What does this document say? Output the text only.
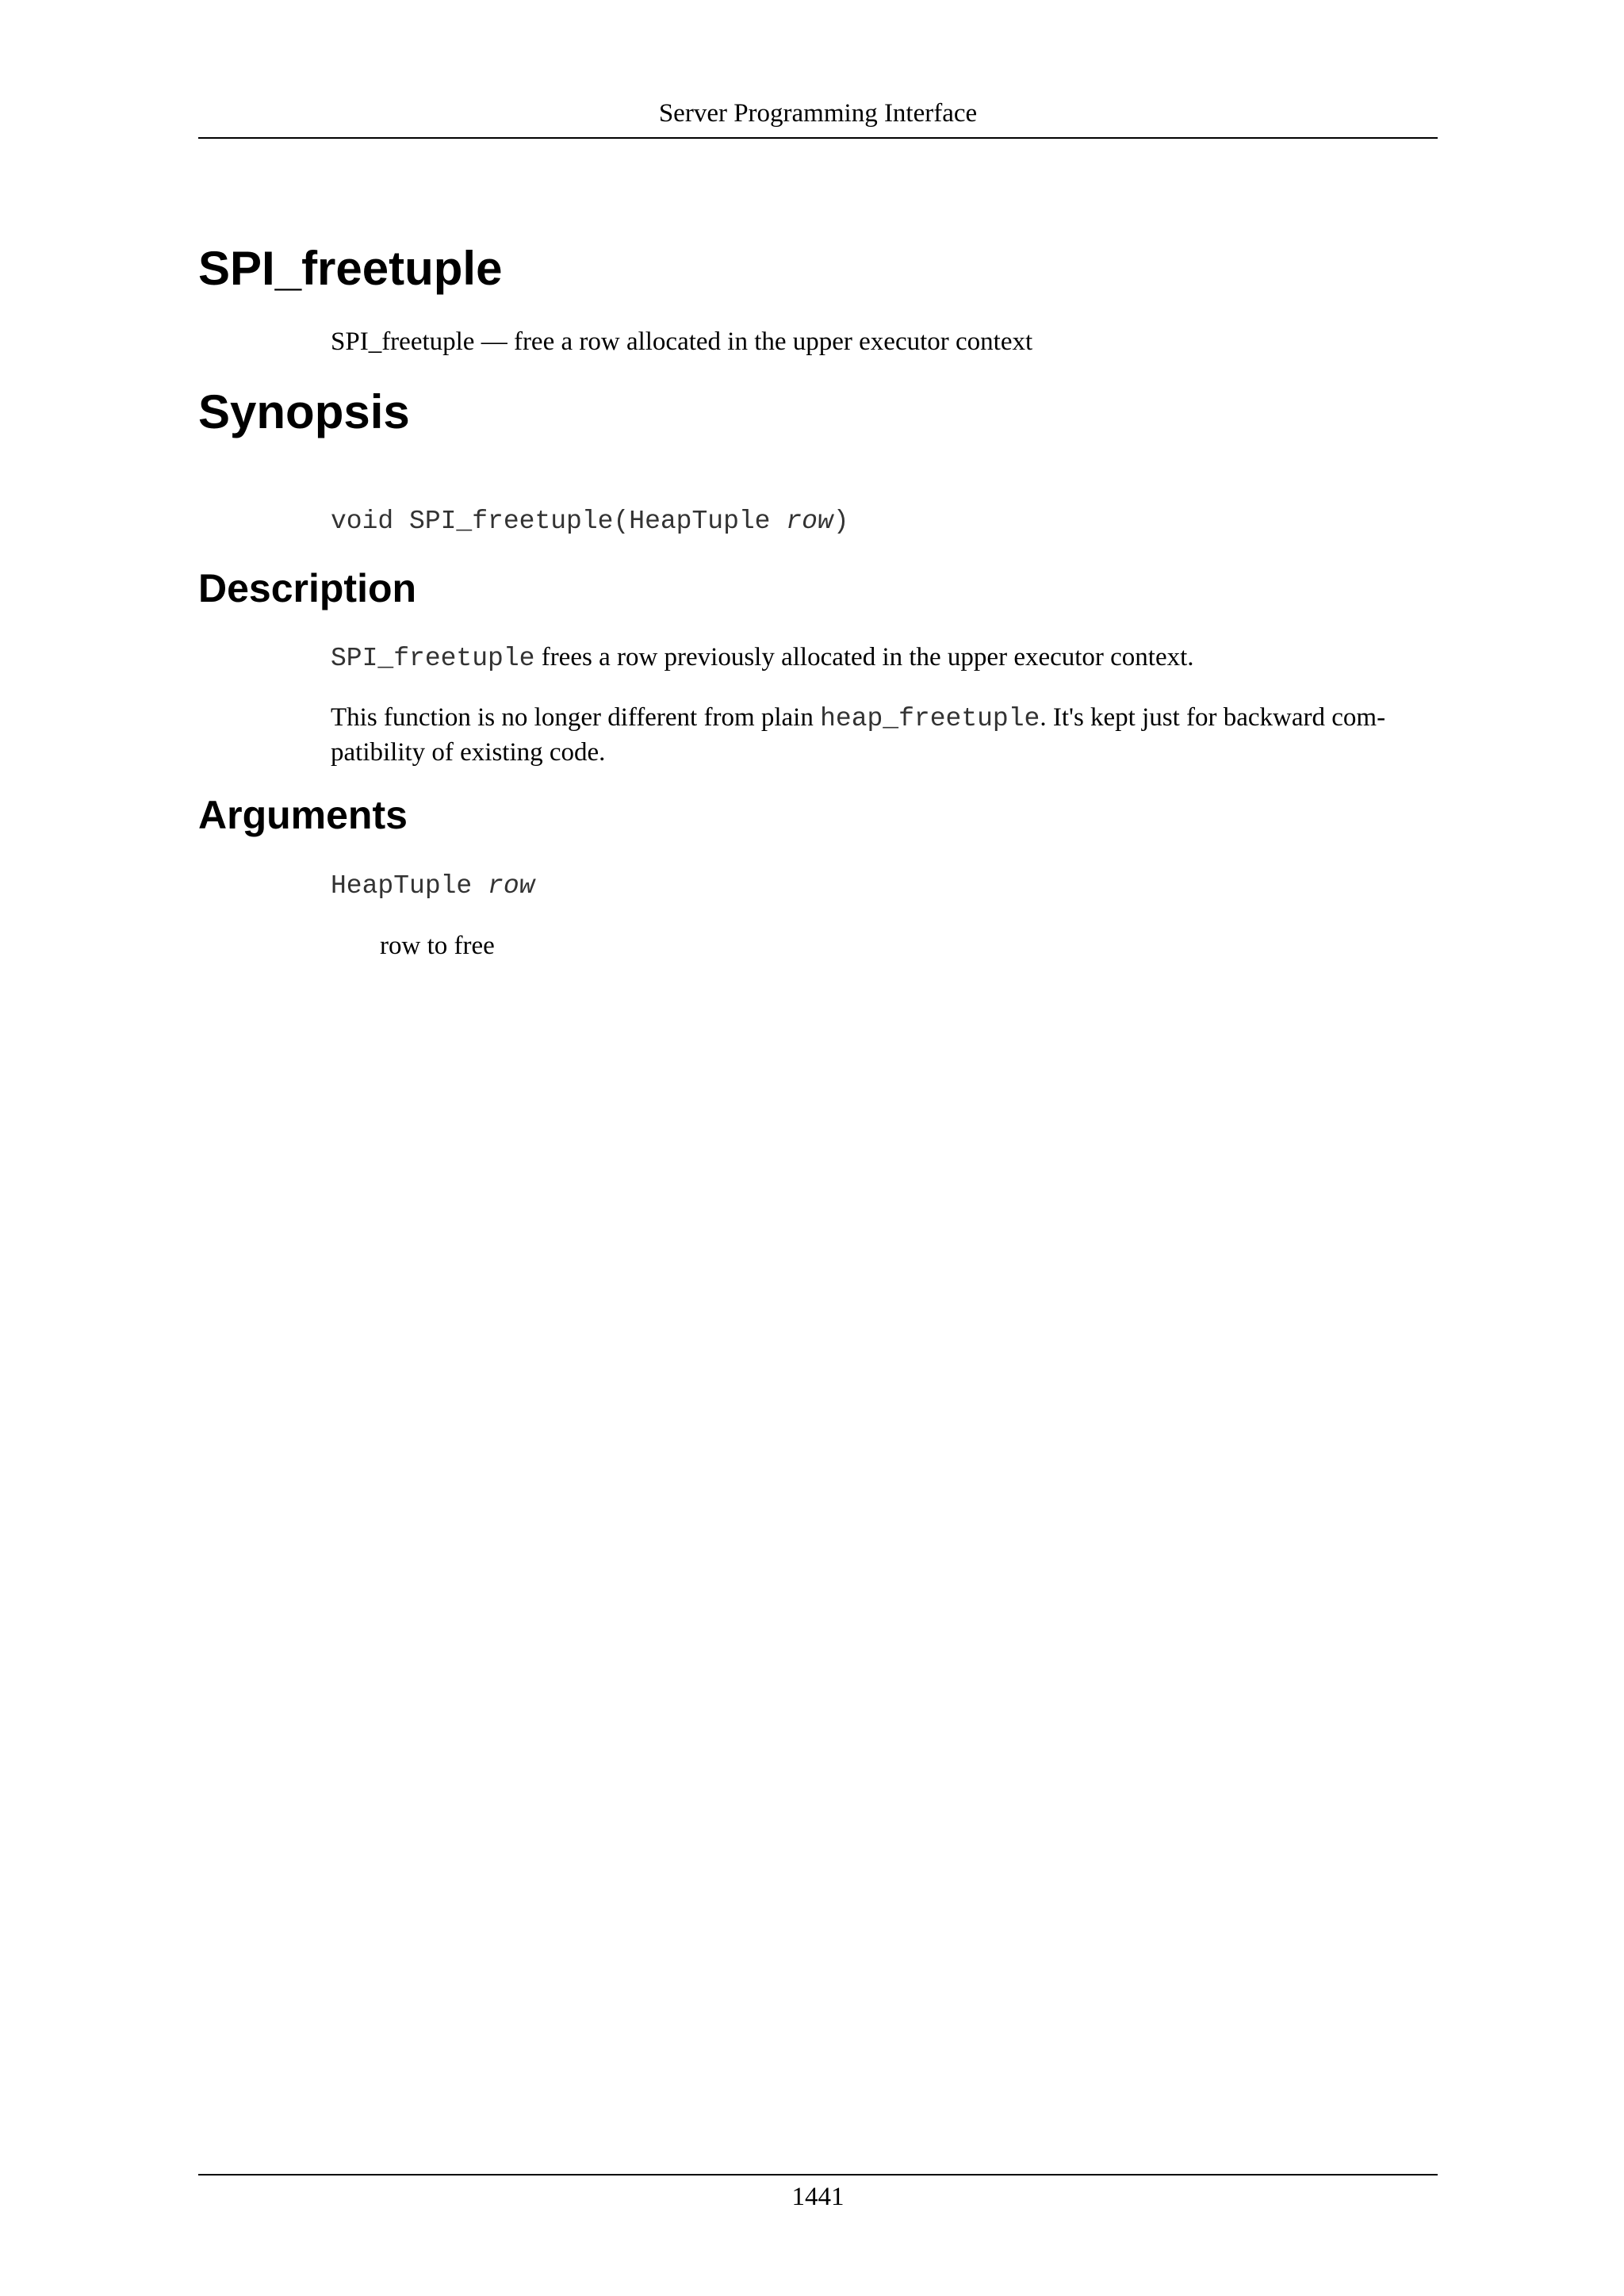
Server Programming Interface
SPI_freetuple

SPI_freetuple — free a row allocated in the upper executor context

Synopsis
void SPI_freetuple(HeapTuple row)
Description

SPI_freetuple frees a row previously allocated in the upper executor context.

This function is no longer different from plain heap_freetuple. It's kept just for backward com-
patibility of existing code.

Arguments
HeapTuple row
row to free
1441
